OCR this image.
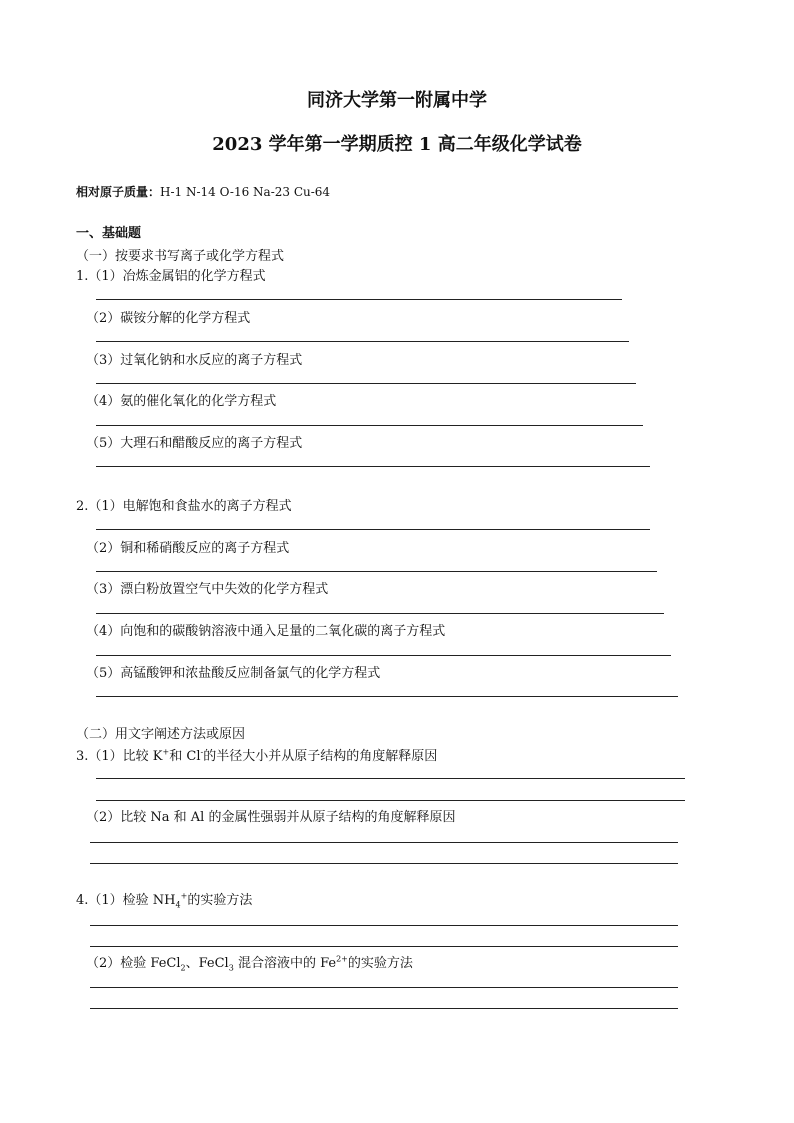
同济大学第一附属中学
2023 学年第一学期质控 1 高二年级化学试卷
相对原子质量：H-1 N-14 O-16 Na-23 Cu-64
一、基础题
（一）按要求书写离子或化学方程式
1.（1）冶炼金属铝的化学方程式
（2）碳铵分解的化学方程式
（3）过氧化钠和水反应的离子方程式
（4）氨的催化氧化的化学方程式
（5）大理石和醋酸反应的离子方程式
2.（1）电解饱和食盐水的离子方程式
（2）铜和稀硝酸反应的离子方程式
（3）漂白粉放置空气中失效的化学方程式
（4）向饱和的碳酸钠溶液中通入足量的二氧化碳的离子方程式
（5）高锰酸钾和浓盐酸反应制备氯气的化学方程式
（二）用文字阐述方法或原因
3.（1）比较 K+和 Cl-的半径大小并从原子结构的角度解释原因
（2）比较 Na 和 Al 的金属性强弱并从原子结构的角度解释原因
4.（1）检验 $NH_4^+$的实验方法
（2）检验 FeCl$_2$、FeCl$_3$ 混合溶液中的 $Fe^{2+}$的实验方法
